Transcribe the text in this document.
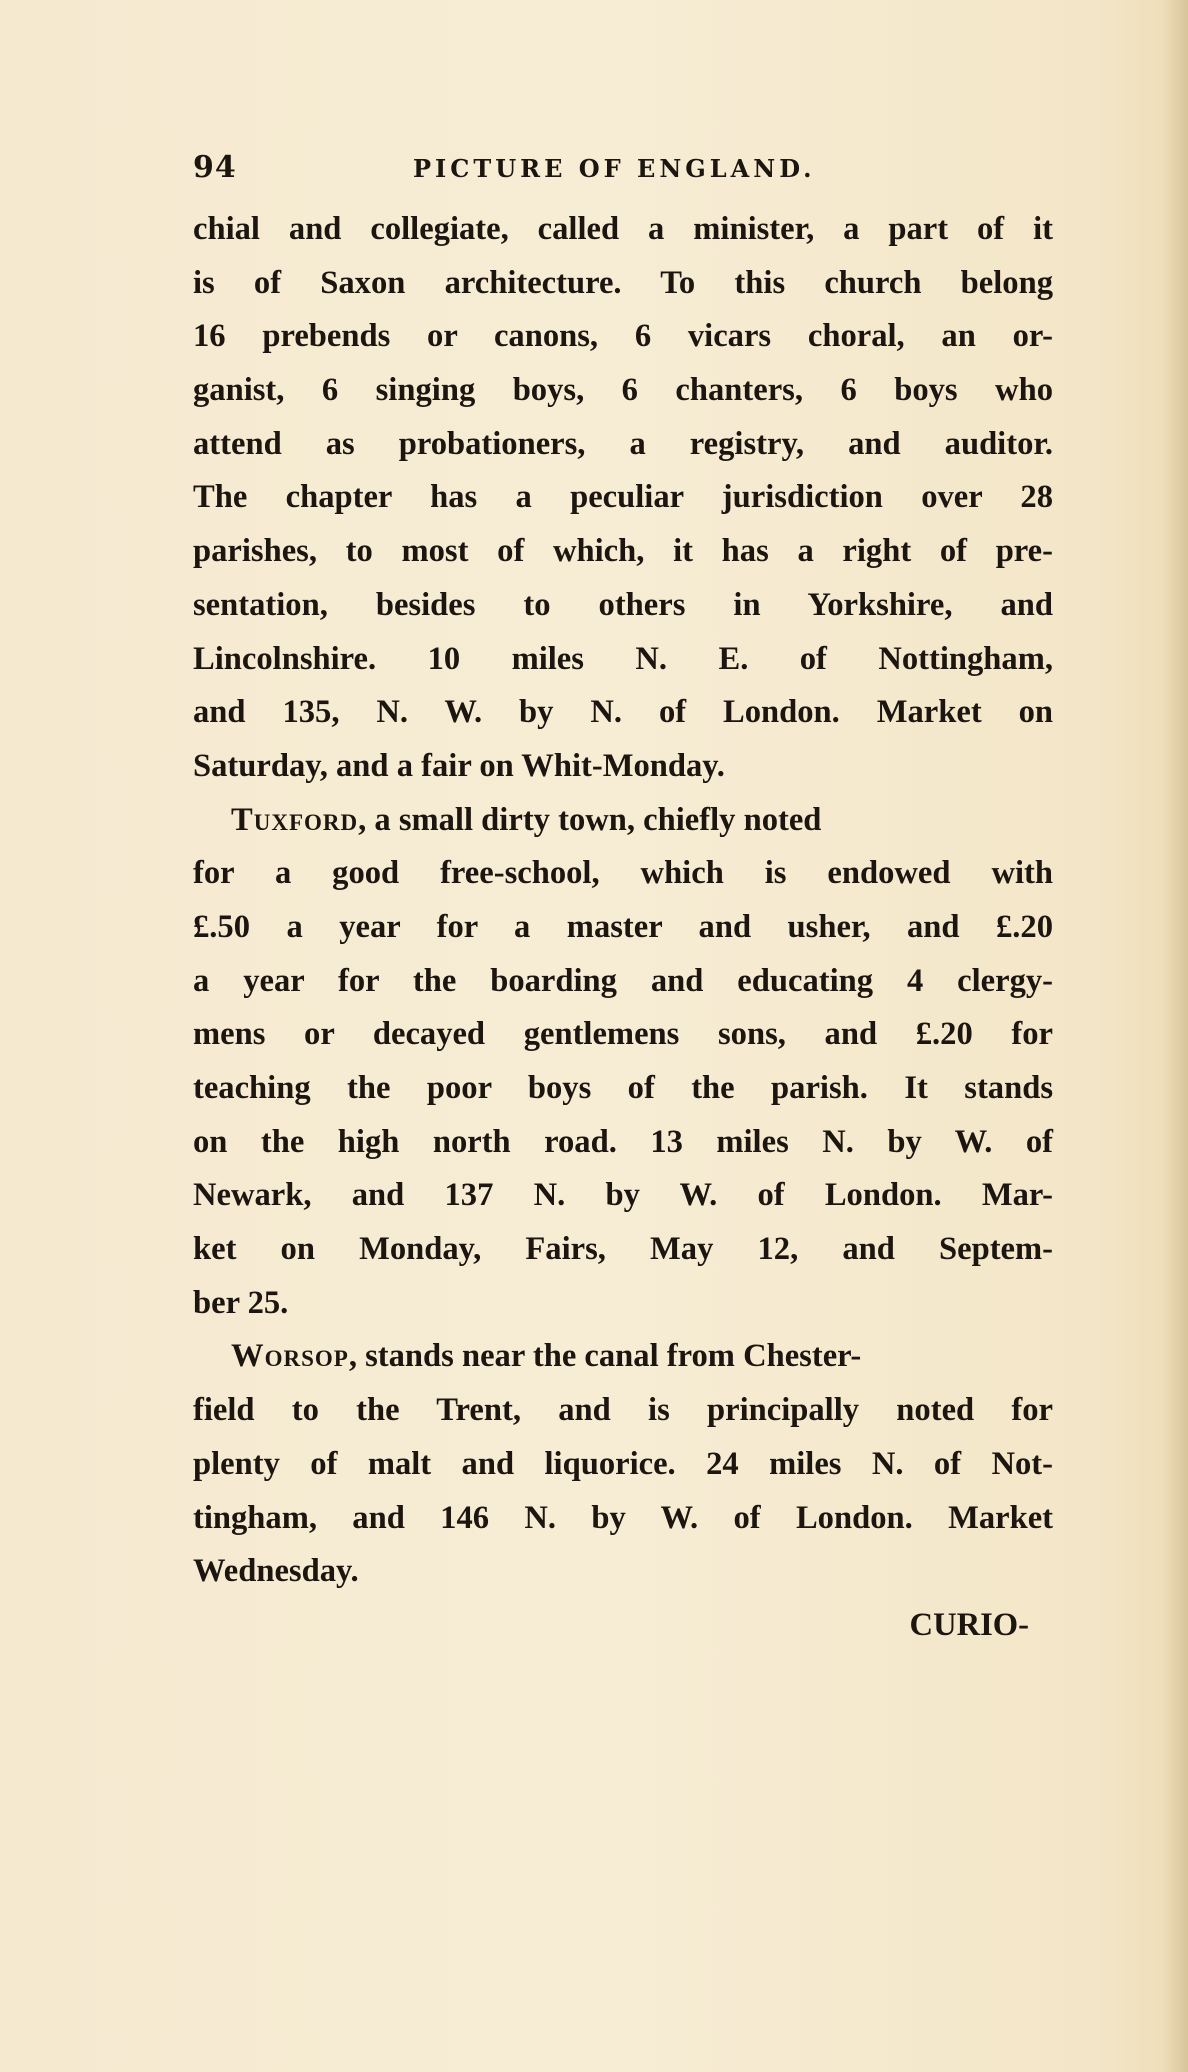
94	PICTURE OF ENGLAND.
chial and collegiate, called a minister, a part of it
is of Saxon architecture. To this church belong
16 prebends or canons, 6 vicars choral, an or-
ganist, 6 singing boys, 6 chanters, 6 boys who
attend as probationers, a registry, and auditor.
The chapter has a peculiar jurisdiction over 28
parishes, to most of which, it has a right of pre-
sentation, besides to others in Yorkshire, and
Lincolnshire. 10 miles N. E. of Nottingham,
and 135, N. W. by N. of London. Market on
Saturday, and a fair on Whit-Monday.
Tuxford, a small dirty town, chiefly noted
for a good free-school, which is endowed with
£.50 a year for a master and usher, and £.20
a year for the boarding and educating 4 clergy-
mens or decayed gentlemens sons, and £.20 for
teaching the poor boys of the parish. It stands
on the high north road. 13 miles N. by W. of
Newark, and 137 N. by W. of London. Mar-
ket on Monday, Fairs, May 12, and Septem-
ber 25.
Worsop, stands near the canal from Chester-
field to the Trent, and is principally noted for
plenty of malt and liquorice. 24 miles N. of Not-
tingham, and 146 N. by W. of London. Market
Wednesday.
CURIO-
